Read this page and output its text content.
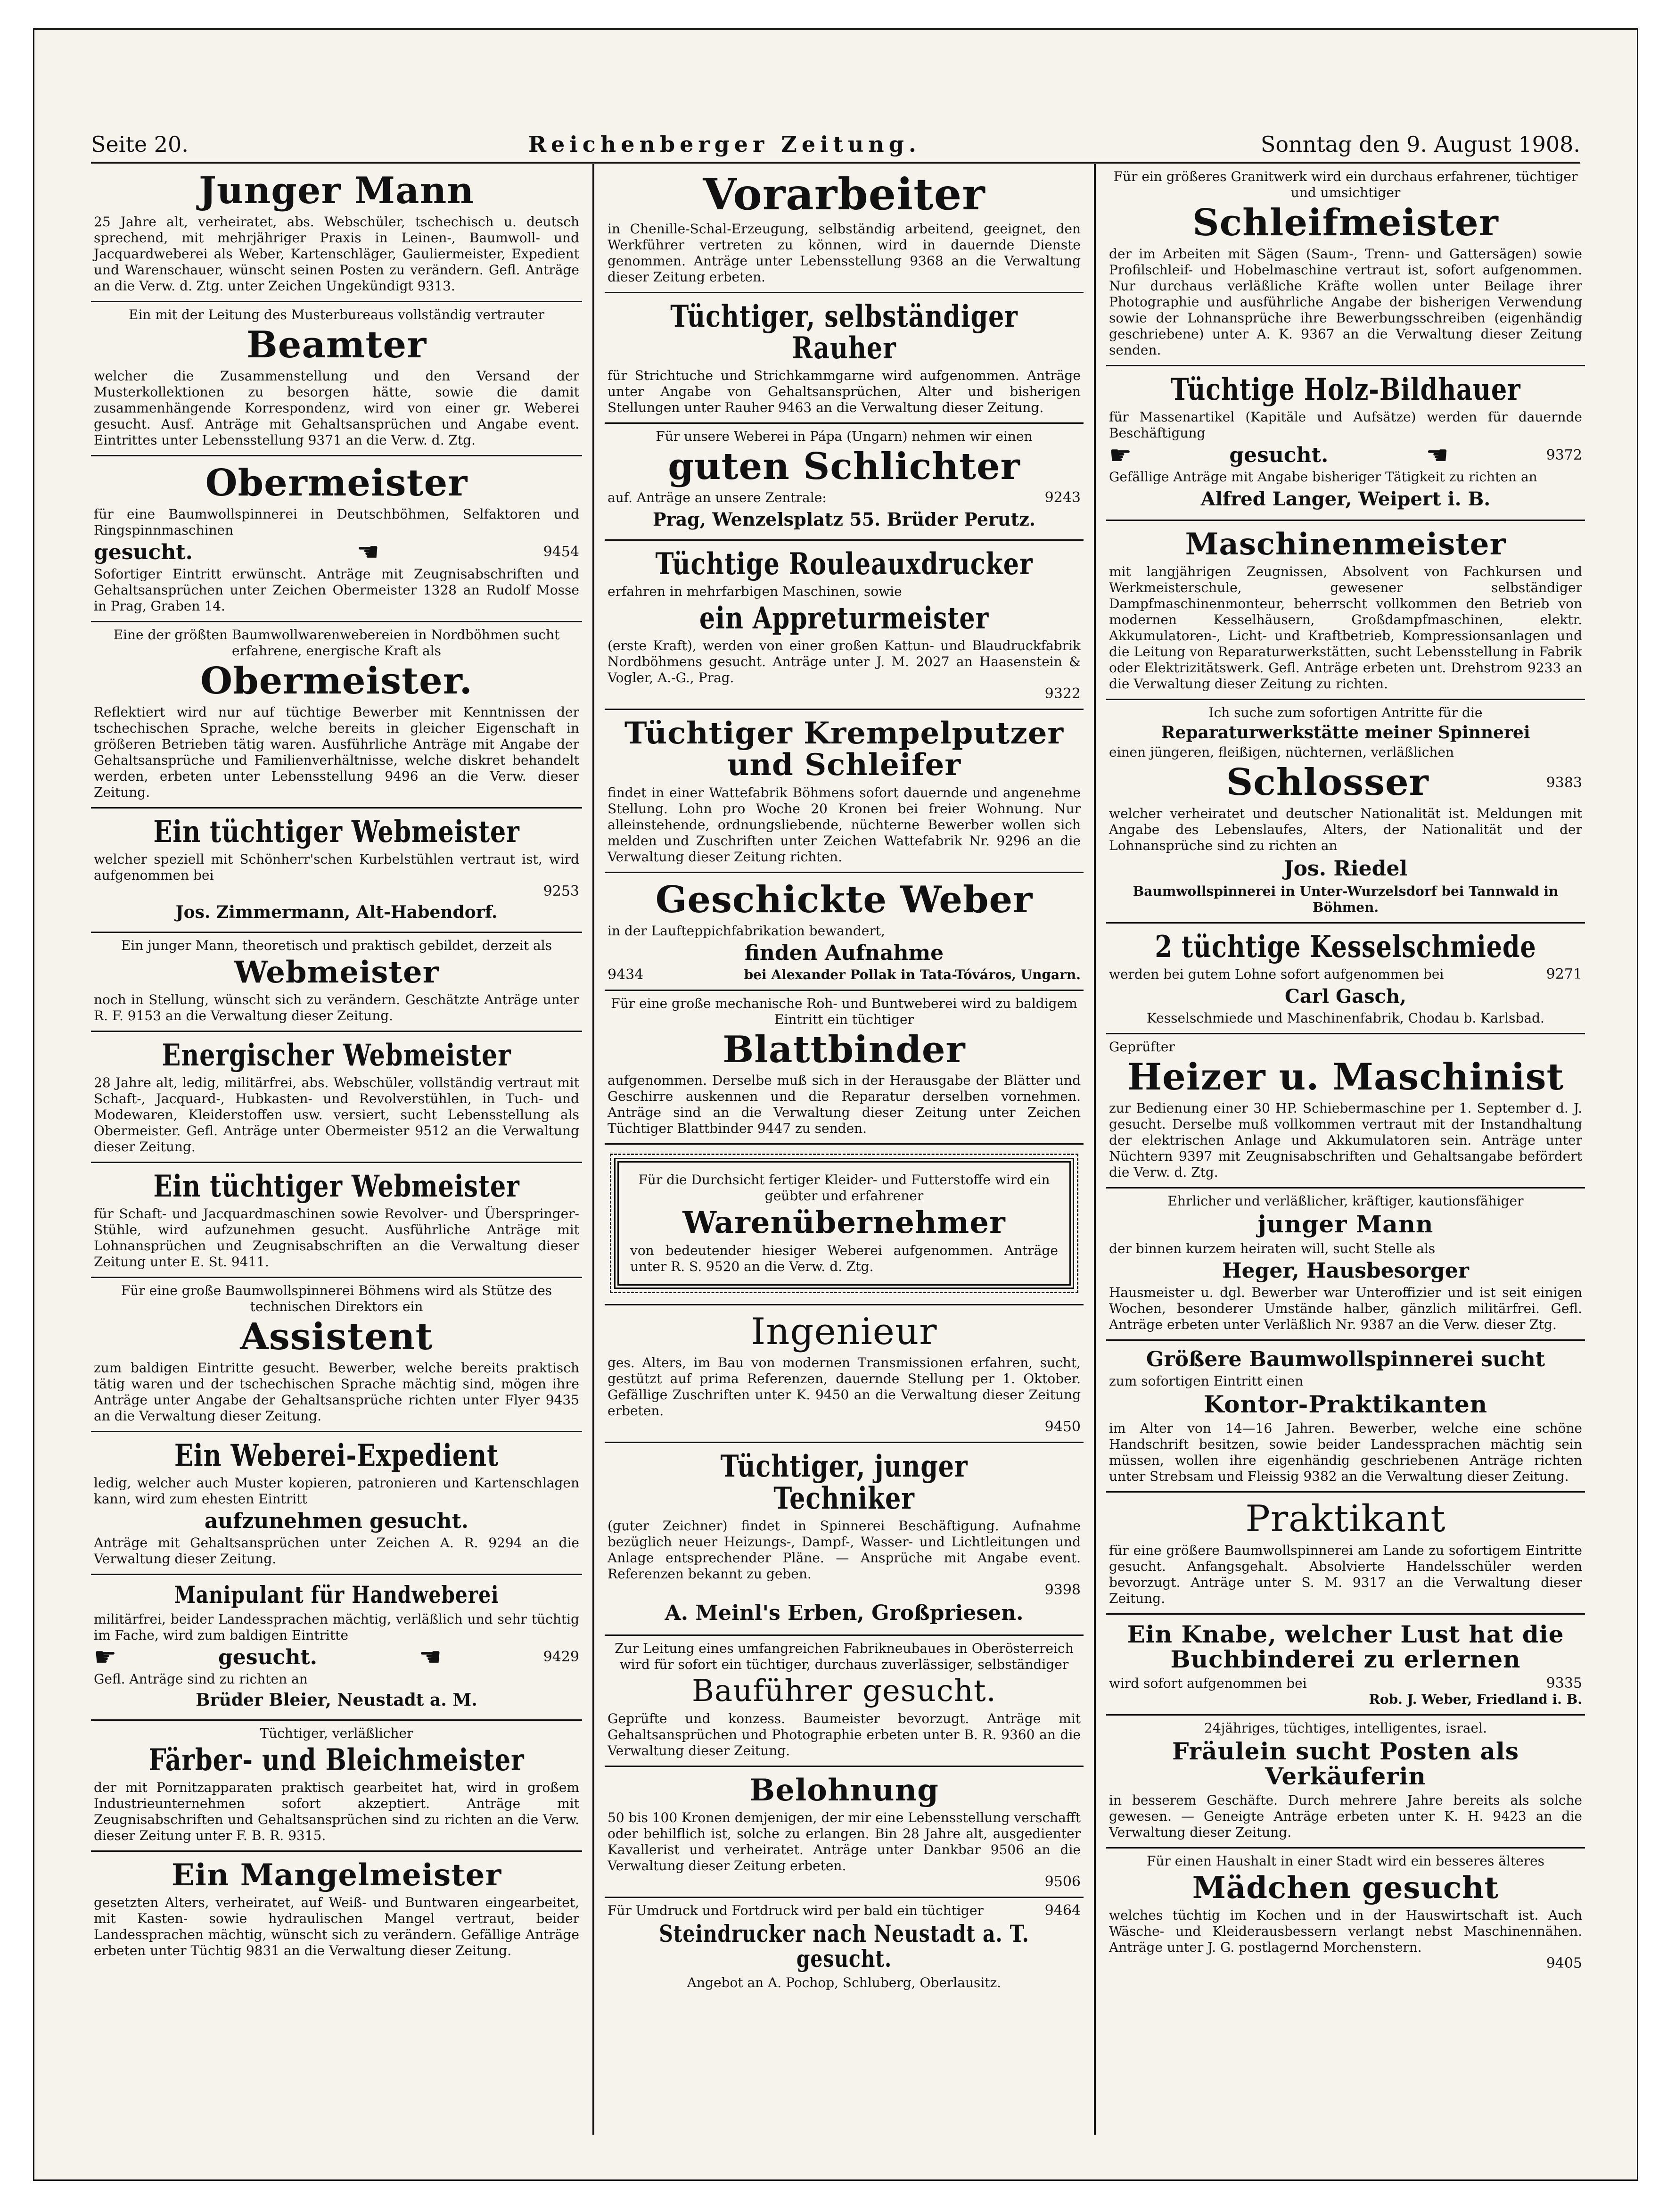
Seite 20.	Reichenberger Zeitung.	Sonntag den 9. August 1908.
Junger Mann
25 Jahre alt, verheiratet, abs. Webschüler, tschechisch u. deutsch sprechend, mit mehrjähriger Praxis in Leinen-, Baumwoll- und Jacquardweberei als Weber, Kartenschläger, Gauliermeister, Expedient und Warenschauer, wünscht seinen Posten zu verändern. Gefl. Anträge an die Verw. d. Ztg. unter Zeichen Ungekündigt 9313.
Ein mit der Leitung des Musterbureaus vollständig vertrauter
Beamter
welcher die Zusammenstellung und den Versand der Musterkollektionen zu besorgen hätte, sowie die damit zusammenhängende Korrespondenz, wird von einer gr. Weberei gesucht. Ausf. Anträge mit Gehaltsansprüchen und Angabe event. Eintrittes unter Lebensstellung 9371 an die Verw. d. Ztg.
Obermeister
für eine Baumwollspinnerei in Deutschböhmen, Selfaktoren und Ringspinnmaschinen
gesucht.	☚	9454
Sofortiger Eintritt erwünscht. Anträge mit Zeugnisabschriften und Gehaltsansprüchen unter Zeichen Obermeister 1328 an Rudolf Mosse in Prag, Graben 14.
Eine der größten Baumwollwarenwebereien in Nordböhmen sucht erfahrene, energische Kraft als
Obermeister.
Reflektiert wird nur auf tüchtige Bewerber mit Kenntnissen der tschechischen Sprache, welche bereits in gleicher Eigenschaft in größeren Betrieben tätig waren. Ausführliche Anträge mit Angabe der Gehaltsansprüche und Familienverhältnisse, welche diskret behandelt werden, erbeten unter Lebensstellung 9496 an die Verw. dieser Zeitung.
Ein tüchtiger Webmeister
welcher speziell mit Schönherr'schen Kurbelstühlen vertraut ist, wird aufgenommen bei
9253
Jos. Zimmermann, Alt-Habendorf.
Ein junger Mann, theoretisch und praktisch gebildet, derzeit als
Webmeister
noch in Stellung, wünscht sich zu verändern. Geschätzte Anträge unter R. F. 9153 an die Verwaltung dieser Zeitung.
Energischer Webmeister
28 Jahre alt, ledig, militärfrei, abs. Webschüler, vollständig vertraut mit Schaft-, Jacquard-, Hubkasten- und Revolverstühlen, in Tuch- und Modewaren, Kleiderstoffen usw. versiert, sucht Lebensstellung als Obermeister. Gefl. Anträge unter Obermeister 9512 an die Verwaltung dieser Zeitung.
Ein tüchtiger Webmeister
für Schaft- und Jacquardmaschinen sowie Revolver- und Überspringer-Stühle, wird aufzunehmen gesucht. Ausführliche Anträge mit Lohnansprüchen und Zeugnisabschriften an die Verwaltung dieser Zeitung unter E. St. 9411.
Für eine große Baumwollspinnerei Böhmens wird als Stütze des technischen Direktors ein
Assistent
zum baldigen Eintritte gesucht. Bewerber, welche bereits praktisch tätig waren und der tschechischen Sprache mächtig sind, mögen ihre Anträge unter Angabe der Gehaltsansprüche richten unter Flyer 9435 an die Verwaltung dieser Zeitung.
Ein Weberei-Expedient
ledig, welcher auch Muster kopieren, patronieren und Kartenschlagen kann, wird zum ehesten Eintritt
aufzunehmen gesucht.
Anträge mit Gehaltsansprüchen unter Zeichen A. R. 9294 an die Verwaltung dieser Zeitung.
Manipulant für Handweberei
militärfrei, beider Landessprachen mächtig, verläßlich und sehr tüchtig im Fache, wird zum baldigen Eintritte
☛	gesucht.	☚	9429
Gefl. Anträge sind zu richten an
Brüder Bleier, Neustadt a. M.
Tüchtiger, verläßlicher
Färber- und Bleichmeister
der mit Pornitzapparaten praktisch gearbeitet hat, wird in großem Industrieunternehmen sofort akzeptiert. Anträge mit Zeugnisabschriften und Gehaltsansprüchen sind zu richten an die Verw. dieser Zeitung unter F. B. R. 9315.
Ein Mangelmeister
gesetzten Alters, verheiratet, auf Weiß- und Buntwaren eingearbeitet, mit Kasten- sowie hydraulischen Mangel vertraut, beider Landessprachen mächtig, wünscht sich zu verändern. Gefällige Anträge erbeten unter Tüchtig 9831 an die Verwaltung dieser Zeitung.
Vorarbeiter
in Chenille-Schal-Erzeugung, selbständig arbeitend, geeignet, den Werkführer vertreten zu können, wird in dauernde Dienste genommen. Anträge unter Lebensstellung 9368 an die Verwaltung dieser Zeitung erbeten.
Tüchtiger, selbständiger Rauher
für Strichtuche und Strichkammgarne wird aufgenommen. Anträge unter Angabe von Gehaltsansprüchen, Alter und bisherigen Stellungen unter Rauher 9463 an die Verwaltung dieser Zeitung.
Für unsere Weberei in Pápa (Ungarn) nehmen wir einen
guten Schlichter
auf. Anträge an unsere Zentrale:	9243
Prag, Wenzelsplatz 55. Brüder Perutz.
Tüchtige Rouleauxdrucker
erfahren in mehrfarbigen Maschinen, sowie
ein Appreturmeister
(erste Kraft), werden von einer großen Kattun- und Blaudruckfabrik Nordböhmens gesucht. Anträge unter J. M. 2027 an Haasenstein & Vogler, A.-G., Prag.
9322
Tüchtiger Krempelputzer und Schleifer
findet in einer Wattefabrik Böhmens sofort dauernde und angenehme Stellung. Lohn pro Woche 20 Kronen bei freier Wohnung. Nur alleinstehende, ordnungsliebende, nüchterne Bewerber wollen sich melden und Zuschriften unter Zeichen Wattefabrik Nr. 9296 an die Verwaltung dieser Zeitung richten.
Geschickte Weber
in der Laufteppichfabrikation bewandert,
finden Aufnahme
9434	bei Alexander Pollak in Tata-Tóváros, Ungarn.
Für eine große mechanische Roh- und Buntweberei wird zu baldigem Eintritt ein tüchtiger
Blattbinder
aufgenommen. Derselbe muß sich in der Herausgabe der Blätter und Geschirre auskennen und die Reparatur derselben vornehmen. Anträge sind an die Verwaltung dieser Zeitung unter Zeichen Tüchtiger Blattbinder 9447 zu senden.
Für die Durchsicht fertiger Kleider- und Futterstoffe wird ein geübter und erfahrener
Warenübernehmer
von bedeutender hiesiger Weberei aufgenommen. Anträge unter R. S. 9520 an die Verw. d. Ztg.
Ingenieur
ges. Alters, im Bau von modernen Transmissionen erfahren, sucht, gestützt auf prima Referenzen, dauernde Stellung per 1. Oktober. Gefällige Zuschriften unter K. 9450 an die Verwaltung dieser Zeitung erbeten.
9450
Tüchtiger, junger Techniker
(guter Zeichner) findet in Spinnerei Beschäftigung. Aufnahme bezüglich neuer Heizungs-, Dampf-, Wasser- und Lichtleitungen und Anlage entsprechender Pläne. — Ansprüche mit Angabe event. Referenzen bekannt zu geben.
9398
A. Meinl's Erben, Großpriesen.
Zur Leitung eines umfangreichen Fabrikneubaues in Oberösterreich wird für sofort ein tüchtiger, durchaus zuverlässiger, selbständiger
Bauführer gesucht.
Geprüfte und konzess. Baumeister bevorzugt. Anträge mit Gehaltsansprüchen und Photographie erbeten unter B. R. 9360 an die Verwaltung dieser Zeitung.
Belohnung
50 bis 100 Kronen demjenigen, der mir eine Lebensstellung verschafft oder behilflich ist, solche zu erlangen. Bin 28 Jahre alt, ausgedienter Kavallerist und verheiratet. Anträge unter Dankbar 9506 an die Verwaltung dieser Zeitung erbeten.
9506
Für Umdruck und Fortdruck wird per bald ein tüchtiger	9464
Steindrucker nach Neustadt a. T. gesucht.
Angebot an A. Pochop, Schluberg, Oberlausitz.
Für ein größeres Granitwerk wird ein durchaus erfahrener, tüchtiger und umsichtiger
Schleifmeister
der im Arbeiten mit Sägen (Saum-, Trenn- und Gattersägen) sowie Profilschleif- und Hobelmaschine vertraut ist, sofort aufgenommen. Nur durchaus verläßliche Kräfte wollen unter Beilage ihrer Photographie und ausführliche Angabe der bisherigen Verwendung sowie der Lohnansprüche ihre Bewerbungsschreiben (eigenhändig geschriebene) unter A. K. 9367 an die Verwaltung dieser Zeitung senden.
Tüchtige Holz-Bildhauer
für Massenartikel (Kapitäle und Aufsätze) werden für dauernde Beschäftigung
☛	gesucht.	☚	9372
Gefällige Anträge mit Angabe bisheriger Tätigkeit zu richten an
Alfred Langer, Weipert i. B.
Maschinenmeister
mit langjährigen Zeugnissen, Absolvent von Fachkursen und Werkmeisterschule, gewesener selbständiger Dampfmaschinenmonteur, beherrscht vollkommen den Betrieb von modernen Kesselhäusern, Großdampfmaschinen, elektr. Akkumulatoren-, Licht- und Kraftbetrieb, Kompressionsanlagen und die Leitung von Reparaturwerkstätten, sucht Lebensstellung in Fabrik oder Elektrizitätswerk. Gefl. Anträge erbeten unt. Drehstrom 9233 an die Verwaltung dieser Zeitung zu richten.
Ich suche zum sofortigen Antritte für die
Reparaturwerkstätte meiner Spinnerei
einen jüngeren, fleißigen, nüchternen, verläßlichen
Schlosser	9383
welcher verheiratet und deutscher Nationalität ist. Meldungen mit Angabe des Lebenslaufes, Alters, der Nationalität und der Lohnansprüche sind zu richten an
Jos. Riedel
Baumwollspinnerei in Unter-Wurzelsdorf bei Tannwald in Böhmen.
2 tüchtige Kesselschmiede
werden bei gutem Lohne sofort aufgenommen bei	9271
Carl Gasch,
Kesselschmiede und Maschinenfabrik, Chodau b. Karlsbad.
Geprüfter
Heizer u. Maschinist
zur Bedienung einer 30 HP. Schiebermaschine per 1. September d. J. gesucht. Derselbe muß vollkommen vertraut mit der Instandhaltung der elektrischen Anlage und Akkumulatoren sein. Anträge unter Nüchtern 9397 mit Zeugnisabschriften und Gehaltsangabe befördert die Verw. d. Ztg.
Ehrlicher und verläßlicher, kräftiger, kautionsfähiger
junger Mann
der binnen kurzem heiraten will, sucht Stelle als
Heger, Hausbesorger
Hausmeister u. dgl. Bewerber war Unteroffizier und ist seit einigen Wochen, besonderer Umstände halber, gänzlich militärfrei. Gefl. Anträge erbeten unter Verläßlich Nr. 9387 an die Verw. dieser Ztg.
Größere Baumwollspinnerei sucht
zum sofortigen Eintritt einen
Kontor-Praktikanten
im Alter von 14—16 Jahren. Bewerber, welche eine schöne Handschrift besitzen, sowie beider Landessprachen mächtig sein müssen, wollen ihre eigenhändig geschriebenen Anträge richten unter Strebsam und Fleissig 9382 an die Verwaltung dieser Zeitung.
Praktikant
für eine größere Baumwollspinnerei am Lande zu sofortigem Eintritte gesucht. Anfangsgehalt. Absolvierte Handelsschüler werden bevorzugt. Anträge unter S. M. 9317 an die Verwaltung dieser Zeitung.
Ein Knabe, welcher Lust hat die Buchbinderei zu erlernen
wird sofort aufgenommen bei	9335
Rob. J. Weber, Friedland i. B.
24jähriges, tüchtiges, intelligentes, israel.
Fräulein sucht Posten als Verkäuferin
in besserem Geschäfte. Durch mehrere Jahre bereits als solche gewesen. — Geneigte Anträge erbeten unter K. H. 9423 an die Verwaltung dieser Zeitung.
Für einen Haushalt in einer Stadt wird ein besseres älteres
Mädchen gesucht
welches tüchtig im Kochen und in der Hauswirtschaft ist. Auch Wäsche- und Kleiderausbessern verlangt nebst Maschinennähen. Anträge unter J. G. postlagernd Morchenstern.
9405
